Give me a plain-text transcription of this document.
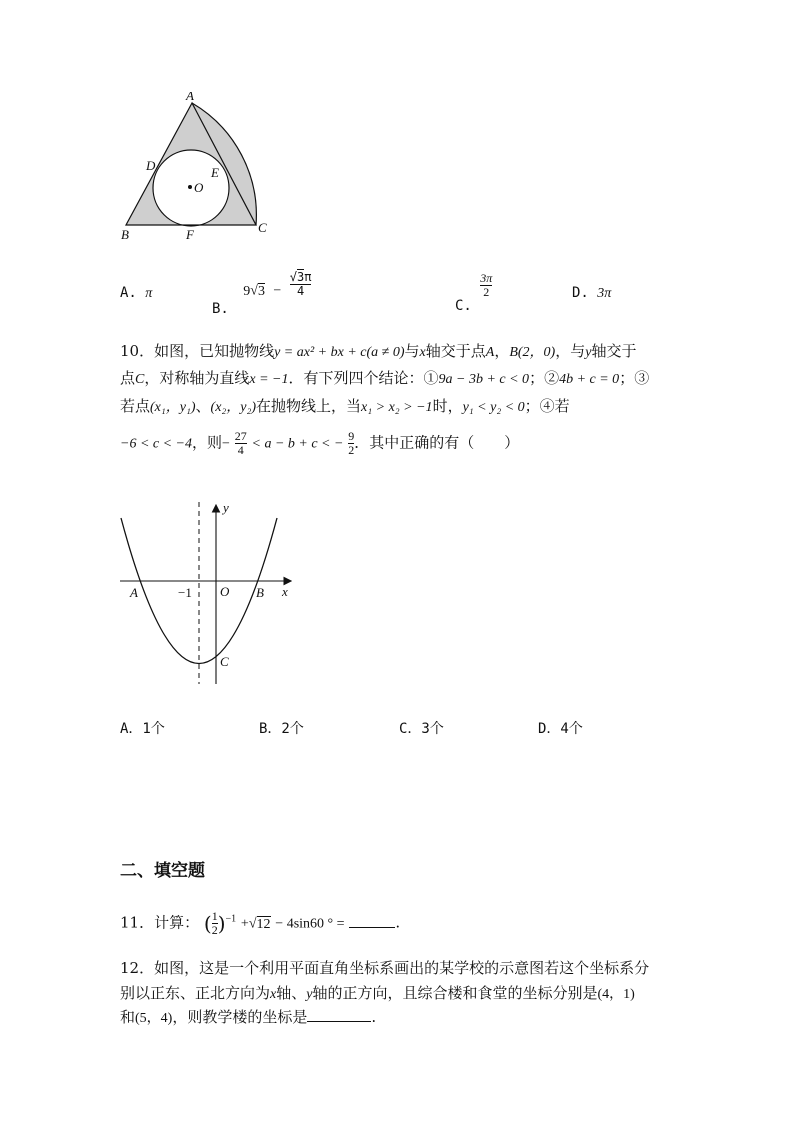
A
D	E
O
B	F	C
A. π
B. $9√3 - \frac{√3\pi}{4}$
C.
$\frac{3\pi}{2}$	D. 3π
10．如图，已知抛物线y = ax² + bx + c(a ≠ 0)与x轴交于点A，B(2，0)，与y轴交于
点C，对称轴为直线x = −1．有下列四个结论：①9a − 3b + c < 0；②4b + c = 0；③
若点(x₁，y₁)、(x₂，y₂)在抛物线上，当x₁ > x₂ > −1时，y₁ < y₂ < 0；④若
−6 < c < −4，则− $\frac{27}{4} < a - b + c$ < − $\frac{9}{2}$ ．其中正确的有（　　）
y
x
O
A	B
C
−1
A．1个	B．2个	C．3个	D．4个
二、填空题
11．计算： ( $\frac{1}{2} )^{-1} +√12 - 4\sin 60$ ° =	.
12．如图，这是一个利用平面直角坐标系画出的某学校的示意图若这个坐标系分
别以正东、正北方向为x轴、y轴的正方向，且综合楼和食堂的坐标分别是(4，1)
和(5，4)，则教学楼的坐标是	.
